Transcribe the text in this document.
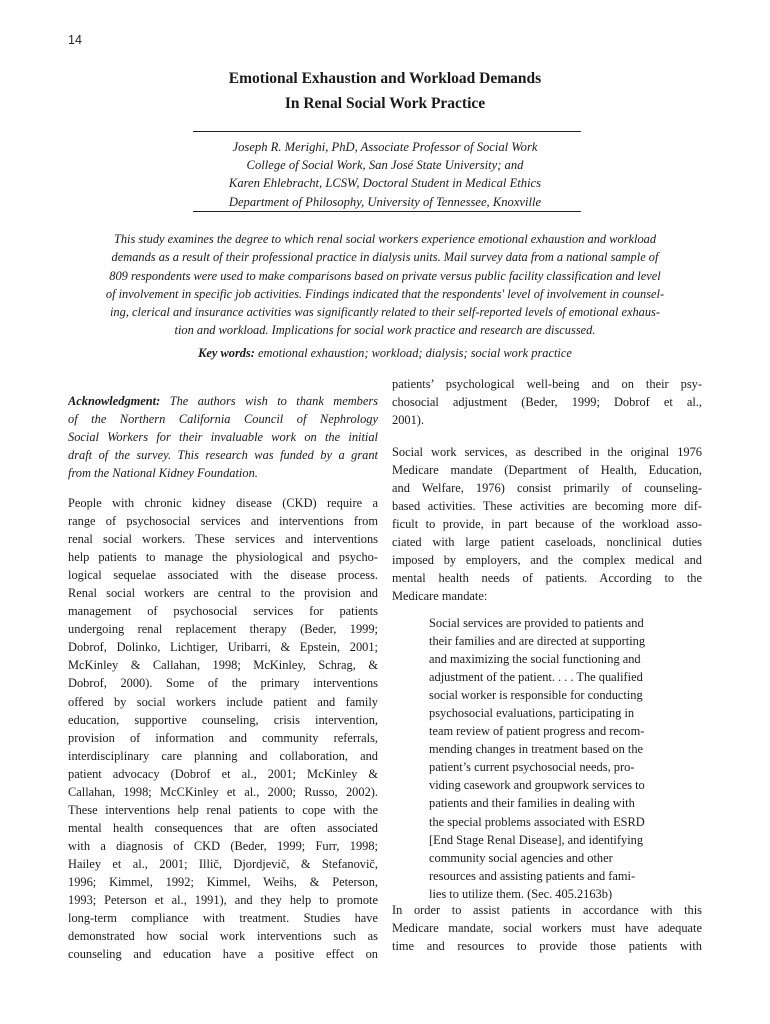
14
Emotional Exhaustion and Workload Demands
In Renal Social Work Practice
Joseph R. Merighi, PhD, Associate Professor of Social Work
College of Social Work, San José State University; and
Karen Ehlebracht, LCSW, Doctoral Student in Medical Ethics
Department of Philosophy, University of Tennessee, Knoxville
This study examines the degree to which renal social workers experience emotional exhaustion and workload
demands as a result of their professional practice in dialysis units. Mail survey data from a national sample of
809 respondents were used to make comparisons based on private versus public facility classification and level
of involvement in specific job activities. Findings indicated that the respondents' level of involvement in counsel-
ing, clerical and insurance activities was significantly related to their self-reported levels of emotional exhaus-
tion and workload. Implications for social work practice and research are discussed.
Key words: emotional exhaustion; workload; dialysis; social work practice
Acknowledgment: The authors wish to thank members
of the Northern California Council of Nephrology
Social Workers for their invaluable work on the initial
draft of the survey. This research was funded by a grant
from the National Kidney Foundation.
People with chronic kidney disease (CKD) require a
range of psychosocial services and interventions from
renal social workers. These services and interventions
help patients to manage the physiological and psycho-
logical sequelae associated with the disease process.
Renal social workers are central to the provision and
management of psychosocial services for patients
undergoing renal replacement therapy (Beder, 1999;
Dobrof, Dolinko, Lichtiger, Uribarri, & Epstein, 2001;
McKinley & Callahan, 1998; McKinley, Schrag, &
Dobrof, 2000). Some of the primary interventions
offered by social workers include patient and family
education, supportive counseling, crisis intervention,
provision of information and community referrals,
interdisciplinary care planning and collaboration, and
patient advocacy (Dobrof et al., 2001; McKinley &
Callahan, 1998; McCKinley et al., 2000; Russo, 2002).
These interventions help renal patients to cope with the
mental health consequences that are often associated
with a diagnosis of CKD (Beder, 1999; Furr, 1998;
Hailey et al., 2001; Illič, Djordjevič, & Stefanovič,
1996; Kimmel, 1992; Kimmel, Weihs, & Peterson,
1993; Peterson et al., 1991), and they help to promote
long-term compliance with treatment. Studies have
demonstrated how social work interventions such as
counseling and education have a positive effect on
patients’ psychological well-being and on their psy-
chosocial adjustment (Beder, 1999; Dobrof et al.,
2001).
Social work services, as described in the original 1976
Medicare mandate (Department of Health, Education,
and Welfare, 1976) consist primarily of counseling-
based activities. These activities are becoming more dif-
ficult to provide, in part because of the workload asso-
ciated with large patient caseloads, nonclinical duties
imposed by employers, and the complex medical and
mental health needs of patients. According to the
Medicare mandate:
Social services are provided to patients and
their families and are directed at supporting
and maximizing the social functioning and
adjustment of the patient. . . . The qualified
social worker is responsible for conducting
psychosocial evaluations, participating in
team review of patient progress and recom-
mending changes in treatment based on the
patient’s current psychosocial needs, pro-
viding casework and groupwork services to
patients and their families in dealing with
the special problems associated with ESRD
[End Stage Renal Disease], and identifying
community social agencies and other
resources and assisting patients and fami-
lies to utilize them. (Sec. 405.2163b)
In order to assist patients in accordance with this
Medicare mandate, social workers must have adequate
time and resources to provide those patients with
